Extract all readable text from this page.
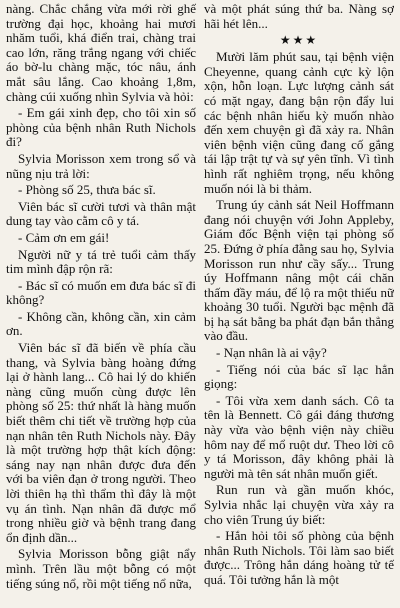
nàng. Chắc chắng vừa mới rời ghế trường đại học, khoảng hai mươi nhăm tuổi, khá điển trai, chàng trai cao lớn, răng trắng ngang với chiếc áo bờ-lu chàng mặc, tóc nâu, ánh mắt sâu lắng. Cao khoảng 1,8m, chàng cúi xuống nhìn Sylvia và hỏi:

- Em gái xinh đẹp, cho tôi xin số phòng của bệnh nhân Ruth Nichols đi?

Sylvia Morisson xem trong sổ và nũng nịu trả lời:

- Phòng số 25, thưa bác sĩ.

Viên bác sĩ cười tươi và thân mật dung tay vào cằm cô y tá.

- Cảm ơn em gái!

Người nữ y tá trẻ tuổi cảm thấy tim mình đập rộn rã:

- Bác sĩ có muốn em đưa bác sĩ đi không?

- Không cần, không cần, xin cảm ơn.

Viên bác sĩ đã biến về phía cầu thang, và Sylvia bàng hoàng đứng lại ở hành lang... Cô hai lý do khiến nàng cũng muốn cùng được lên phòng số 25: thứ nhất là hàng muốn biết thêm chi tiết về trường hợp của nạn nhân tên Ruth Nichols này. Đây là một trường hợp thật kích động: sáng nay nạn nhân được đưa đến với ba viên đạn ở trong người. Theo lời thiên hạ thì thẩm thì đây là một vụ án tình. Nạn nhân đã được mổ trong nhiều giờ và bệnh trang đang ổn định dần...

Sylvia Morisson bỗng giật nẩy mình. Trên lầu một bỗng có một tiếng súng nổ, rồi một tiếng nổ nữa,

và một phát súng thứ ba. Nàng sợ hãi hét lên...

★★★

Mười lăm phút sau, tại bệnh viện Cheyenne, quang cảnh cực kỳ lộn xộn, hỗn loạn. Lực lượng cảnh sát có mặt ngay, đang bận rộn đẩy lui các bệnh nhân hiếu kỳ muốn nhào đến xem chuyện gì đã xảy ra. Nhân viên bệnh viện cũng đang cố gắng tái lập trật tự và sự yên tĩnh. Vì tình hình rất nghiêm trọng, nếu không muốn nói là bi thảm.

Trung úy cảnh sát Neil Hoffmann đang nói chuyện với John Appleby, Giám đốc Bệnh viện tại phòng số 25. Đứng ở phía đằng sau họ, Sylvia Morisson run như cầy sấy... Trung úy Hoffmann nâng một cái chăn thấm đầy máu, để lộ ra một thiếu nữ khoảng 30 tuổi. Người bạc mệnh đã bị hạ sát bằng ba phát đạn bắn thẳng vào đầu.

- Nạn nhân là ai vậy?

- Tiếng nói của bác sĩ lạc hẳn giọng:

- Tôi vừa xem danh sách. Cô ta tên là Bennett. Cô gái đáng thương này vừa vào bệnh viện này chiều hôm nay để mổ ruột dư. Theo lời cô y tá Morisson, đây không phải là người mà tên sát nhân muốn giết.

Run run và gần muốn khóc, Sylvia nhắc lại chuyện vừa xảy ra cho viên Trung úy biết:

- Hắn hỏi tôi số phòng của bệnh nhân Ruth Nichols. Tôi làm sao biết được... Trông hắn dáng hoàng tử tế quá. Tôi tưởng hắn là một
